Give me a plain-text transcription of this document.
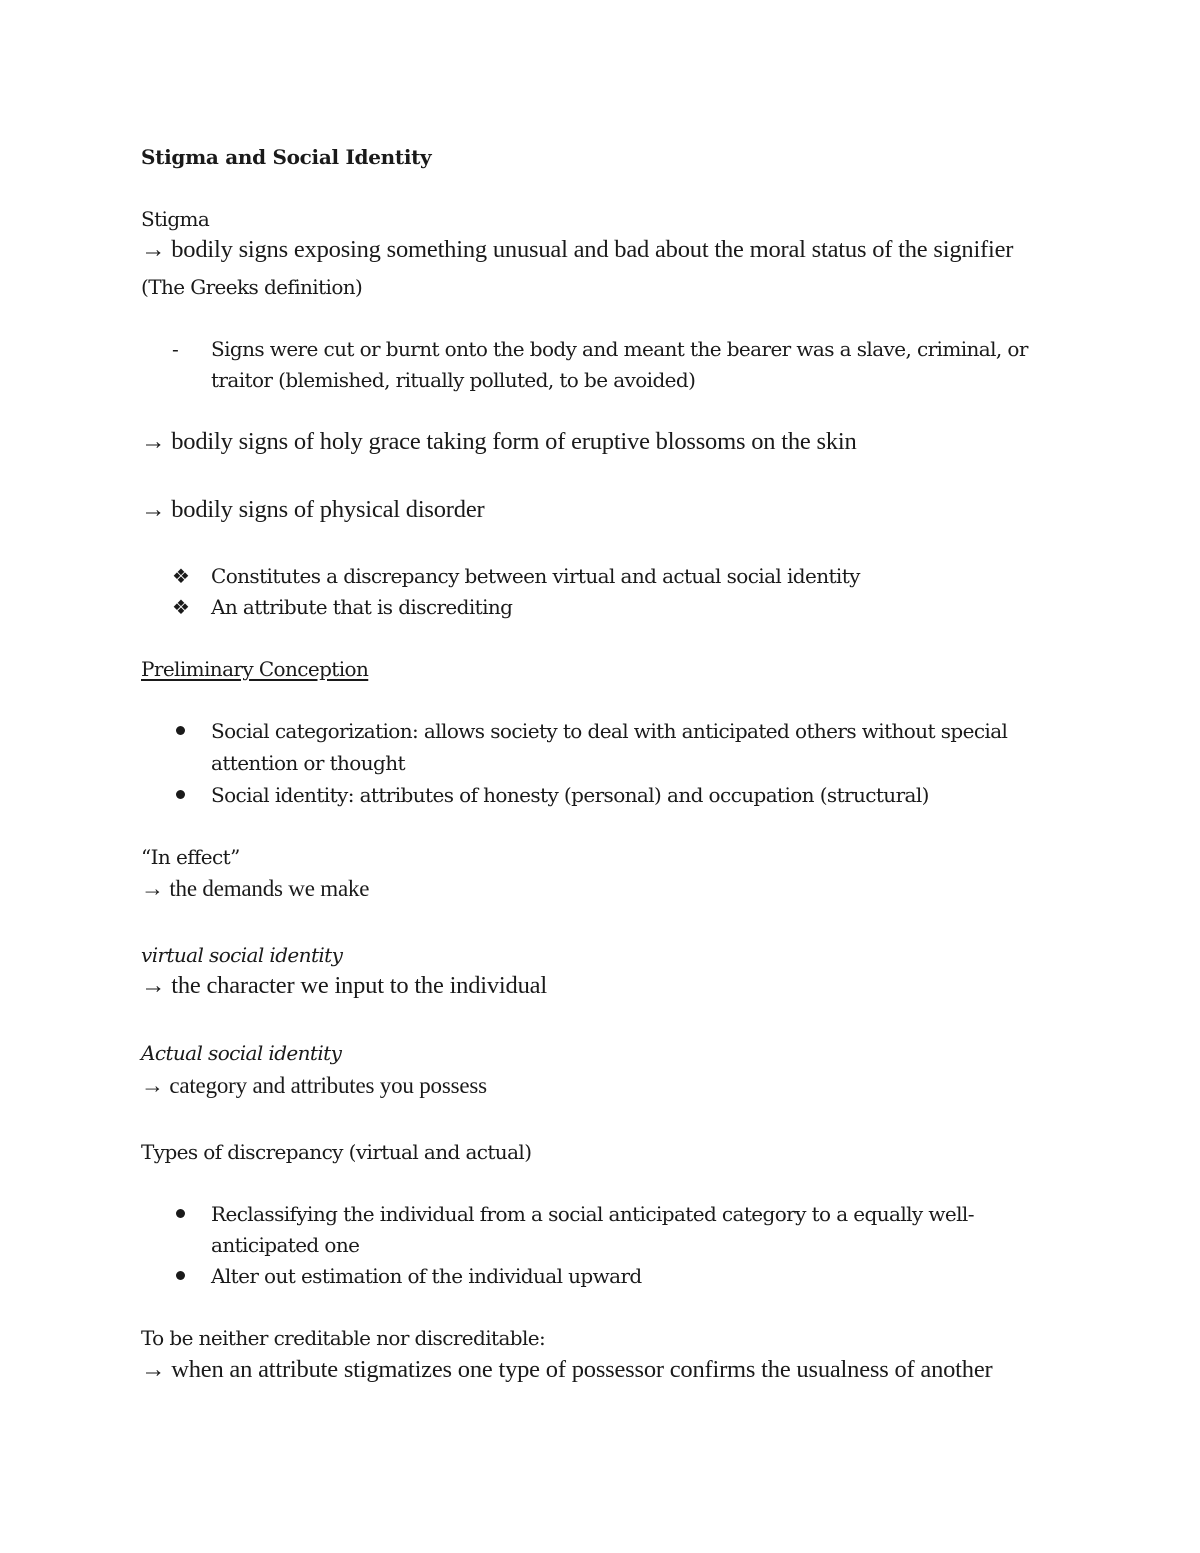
Stigma and Social Identity
Stigma
→ bodily signs exposing something unusual and bad about the moral status of the signifier
(The Greeks definition)
- Signs were cut or burnt onto the body and meant the bearer was a slave, criminal, or
traitor (blemished, ritually polluted, to be avoided)
→ bodily signs of holy grace taking form of eruptive blossoms on the skin
→ bodily signs of physical disorder
❖ Constitutes a discrepancy between virtual and actual social identity
❖ An attribute that is discrediting
Preliminary Conception
Social categorization: allows society to deal with anticipated others without special
attention or thought
Social identity: attributes of honesty (personal) and occupation (structural)
“In effect”
→ the demands we make
virtual social identity
→ the character we input to the individual
Actual social identity
→ category and attributes you possess
Types of discrepancy (virtual and actual)
Reclassifying the individual from a social anticipated category to a equally well-
anticipated one
Alter out estimation of the individual upward
To be neither creditable nor discreditable:
→ when an attribute stigmatizes one type of possessor confirms the usualness of another
